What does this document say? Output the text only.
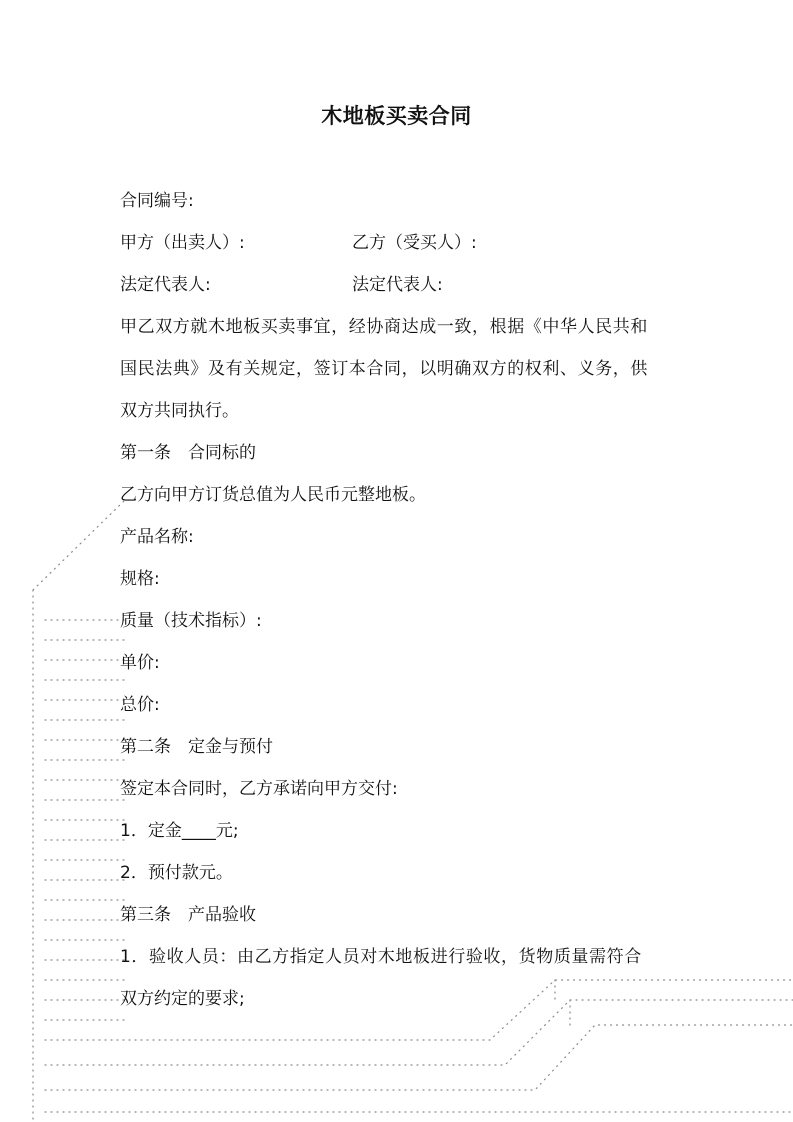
木地板买卖合同
合同编号:
甲方（出卖人）:	乙方（受买人）:
法定代表人:	法定代表人:
甲乙双方就木地板买卖事宜，经协商达成一致，根据《中华人民共和
国民法典》及有关规定，签订本合同，以明确双方的权利、义务，供
双方共同执行。
第一条　合同标的
乙方向甲方订货总值为人民币元整地板。
产品名称:
规格:
质量（技术指标）:
单价:
总价:
第二条　定金与预付
签定本合同时，乙方承诺向甲方交付:
1．定金____元;
2．预付款元。
第三条　产品验收
1．验收人员：由乙方指定人员对木地板进行验收，货物质量需符合
双方约定的要求;
